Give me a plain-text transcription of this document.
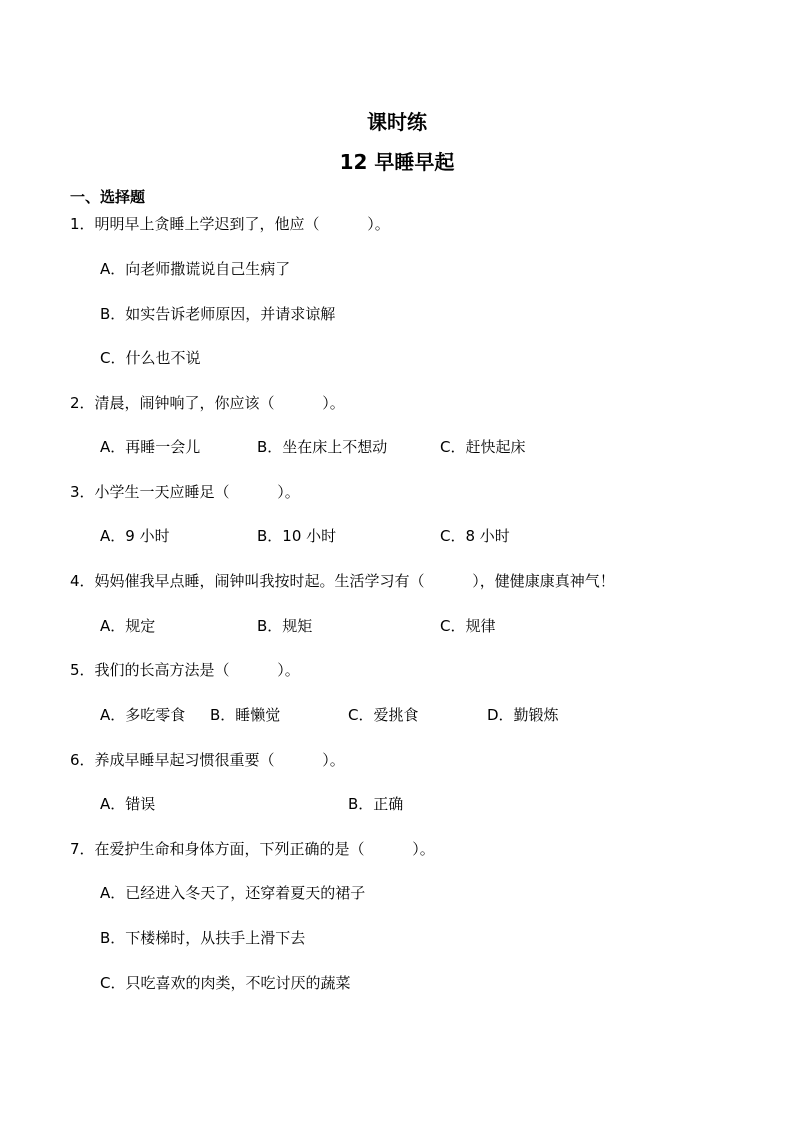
课时练
12 早睡早起
一、选择题
1．明明早上贪睡上学迟到了，他应（          ）。
A．向老师撒谎说自己生病了
B．如实告诉老师原因，并请求谅解
C．什么也不说
2．清晨，闹钟响了，你应该（          ）。
A．再睡一会儿	B．坐在床上不想动	C．赶快起床
3．小学生一天应睡足（          ）。
A．9 小时	B．10 小时	C．8 小时
4．妈妈催我早点睡，闹钟叫我按时起。生活学习有（          ），健健康康真神气！
A．规定	B．规矩	C．规律
5．我们的长高方法是（          ）。
A．多吃零食 B．睡懒觉	C．爱挑食	D．勤锻炼
6．养成早睡早起习惯很重要（          ）。
A．错误	B．正确
7．在爱护生命和身体方面，下列正确的是（          ）。
A．已经进入冬天了，还穿着夏天的裙子
B．下楼梯时，从扶手上滑下去
C．只吃喜欢的肉类，不吃讨厌的蔬菜
